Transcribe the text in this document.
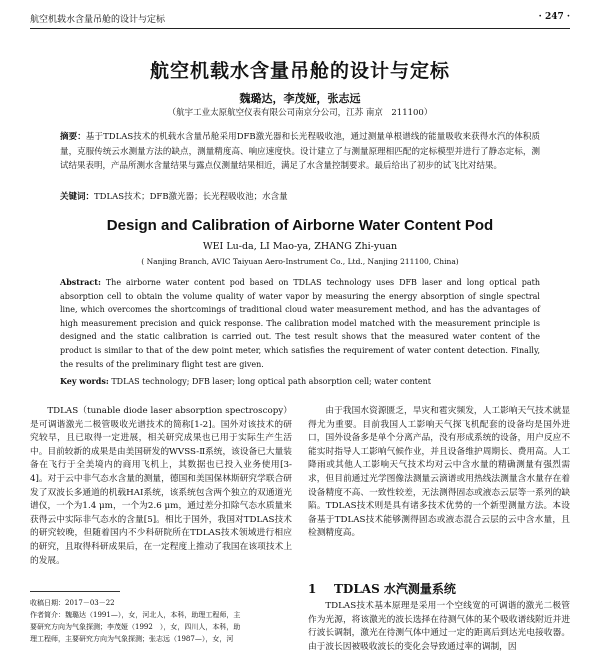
航空机载水含量吊舱的设计与定标	· 247 ·
航空机载水含量吊舱的设计与定标
魏璐达，李茂娅，张志远
（航宇工业太原航空仪表有限公司南京分公司，江苏 南京　211100）
摘要：基于TDLAS技术的机载水含量吊舱采用DFB激光器和长光程吸收池，通过测量单根谱线的能量吸收来获得水汽的体积质量，克服传统云水测量方法的缺点，测量精度高、响应速度快。设计建立了与测量原理相匹配的定标模型并进行了静态定标，测试结果表明，产品所测水含量结果与露点仪测量结果相近，满足了水含量控制要求。最后给出了初步的试飞比对结果。
关键词：TDLAS技术；DFB激光器；长光程吸收池；水含量
Design and Calibration of Airborne Water Content Pod
WEI Lu-da, LI Mao-ya, ZHANG Zhi-yuan
( Nanjing Branch, AVIC Taiyuan Aero-Instrument Co., Ltd., Nanjing 211100, China)
Abstract: The airborne water content pod based on TDLAS technology uses DFB laser and long optical path absorption cell to obtain the volume quality of water vapor by measuring the energy absorption of single spectral line, which overcomes the shortcomings of traditional cloud water measurement method, and has the advantages of high measurement precision and quick response. The calibration model matched with the measurement principle is designed and the static calibration is carried out. The test result shows that the measured water content of the product is similar to that of the dew point meter, which satisfies the requirement of water content detection. Finally, the results of the preliminary flight test are given.
Key words: TDLAS technology; DFB laser; long optical path absorption cell; water content

TDLAS（tunable diode laser absorption spectroscopy）是可调谐激光二极管吸收光谱技术的简称[1-2]。国外对该技术的研究较早，且已取得一定进展，相关研究成果也已用于实际生产生活中。目前较新的成果是由美国研发的WVSS-Ⅱ系统，该设备已大量装备在飞行于全美境内的商用飞机上，其数据也已投入业务使用[3-4]。对于云中非气态水含量的测量，德国和美国保林斯研究学联合研发了双波长多通道的机载HAI系统，该系统包含两个独立的双通道光谱仪，一个为1.4 μm，一个为2.6 μm，通过差分扣除气态水质量来获得云中实际非气态水的含量[5]。相比于国外，我国对TDLAS技术的研究较晚，但随着国内不少科研院所在TDLAS技术领域进行相应的研究，且取得科研成果后，在一定程度上推动了我国在该项技术上的发展。

由于我国水资源匮乏，旱灾和雹灾频发，人工影响天气技术就显得尤为重要。目前我国人工影响天气探飞机配套的设备均是国外进口，国外设备多是单个分离产品，没有形成系统的设备，用户反应不能实时指导人工影响气候作业，并且设备维护周期长、费用高。人工降雨或其他人工影响天气技术均对云中含水量的精确测量有强烈需求，但目前通过光学图像法测量云滴谱或用热线法测量含水量存在着设备精度不高、一致性较差，无法测得固态或液态云层等一系列的缺陷。TDLAS技术则是具有诸多技术优势的一个新型测量方法。本设备基于TDLAS技术能够测得固态或液态混合云层的云中含水量，且检测精度高。

1 TDLAS 水汽测量系统

TDLAS技术基本原理是采用一个空线宽的可调谐的激光二极管作为光源，将该激光的波长选择在待测气体的某个吸收谱线附近并进行波长调制，激光在待测气体中通过一定的距离后到达光电接收器。由于波长因被吸收波长的变化会导致通过率的调制，因

收稿日期：2017－03－22
作者简介：魏璐达（1991—），女，河北人，本科，助理工程师，主
要研究方向为气象探测；李茂娅（1992　），女，四川人，本科，助
理工程师，主要研究方向为气象探测；张志远（1987—），女，河
